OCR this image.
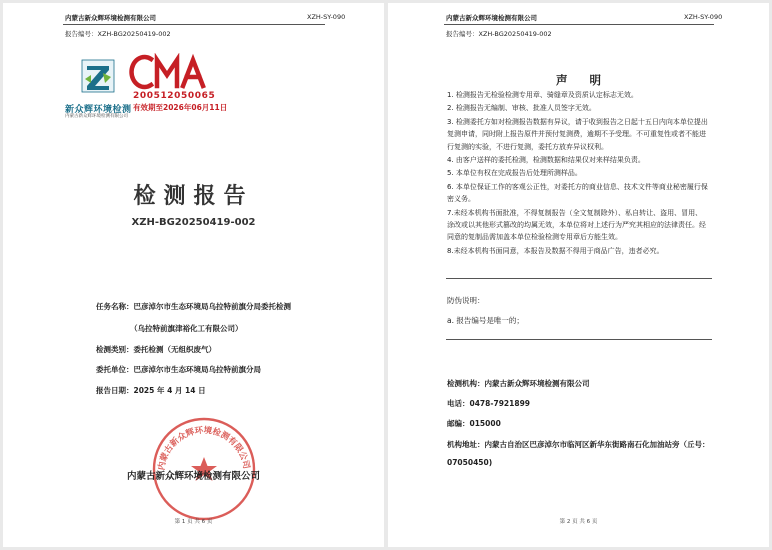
内蒙古新众辉环境检测有限公司	XZH-SY-090
报告编号：XZH-BG20250419-002
新众辉环境检测
内蒙古新众辉环境检测有限公司
200512050065
有效期至2026年06月11日
检测报告
XZH-BG20250419-002
任务名称：巴彦淖尔市生态环境局乌拉特前旗分局委托检测
（乌拉特前旗津裕化工有限公司）
检测类别：委托检测（无组织废气）
委托单位：巴彦淖尔市生态环境局乌拉特前旗分局
报告日期：2025 年 4 月 14 日
内蒙古新众辉环境检测有限公司
内蒙古新众辉环境检测有限公司
第 1 页 共 6 页
内蒙古新众辉环境检测有限公司	XZH-SY-090
报告编号：XZH-BG20250419-002
声明

1. 检测报告无检验检测专用章、骑缝章及资质认定标志无效。

2. 检测报告无编制、审核、批准人员签字无效。

3. 检测委托方如对检测报告数据有异议，请于收到报告之日起十五日内向本单位提出复测申请，同时附上报告原件并预付复测费，逾期不予受理。不可重复性或者不能进行复测的实验，不进行复测，委托方放弃异议权利。

4. 由客户送样的委托检测，检测数据和结果仅对来样结果负责。

5. 本单位有权在完成报告后处理所测样品。

6. 本单位保证工作的客观公正性，对委托方的商业信息、技术文件等商业秘密履行保密义务。

7.未经本机构书面批准，不得复制报告（全文复制除外）、私自转让、盗用、冒用、涂改或以其他形式篡改的均属无效，本单位将对上述行为严究其相应的法律责任。经同意的复制品需加盖本单位检验检测专用章后方能生效。

8.未经本机构书面同意，本报告及数据不得用于商品广告，违者必究。

防伪说明：
a. 报告编号是唯一的；
检测机构：内蒙古新众辉环境检测有限公司
电话：0478-7921899
邮编：015000
机构地址：内蒙古自治区巴彦淖尔市临河区新华东街路南石化加油站旁（丘号：07050450)
第 2 页 共 6 页
